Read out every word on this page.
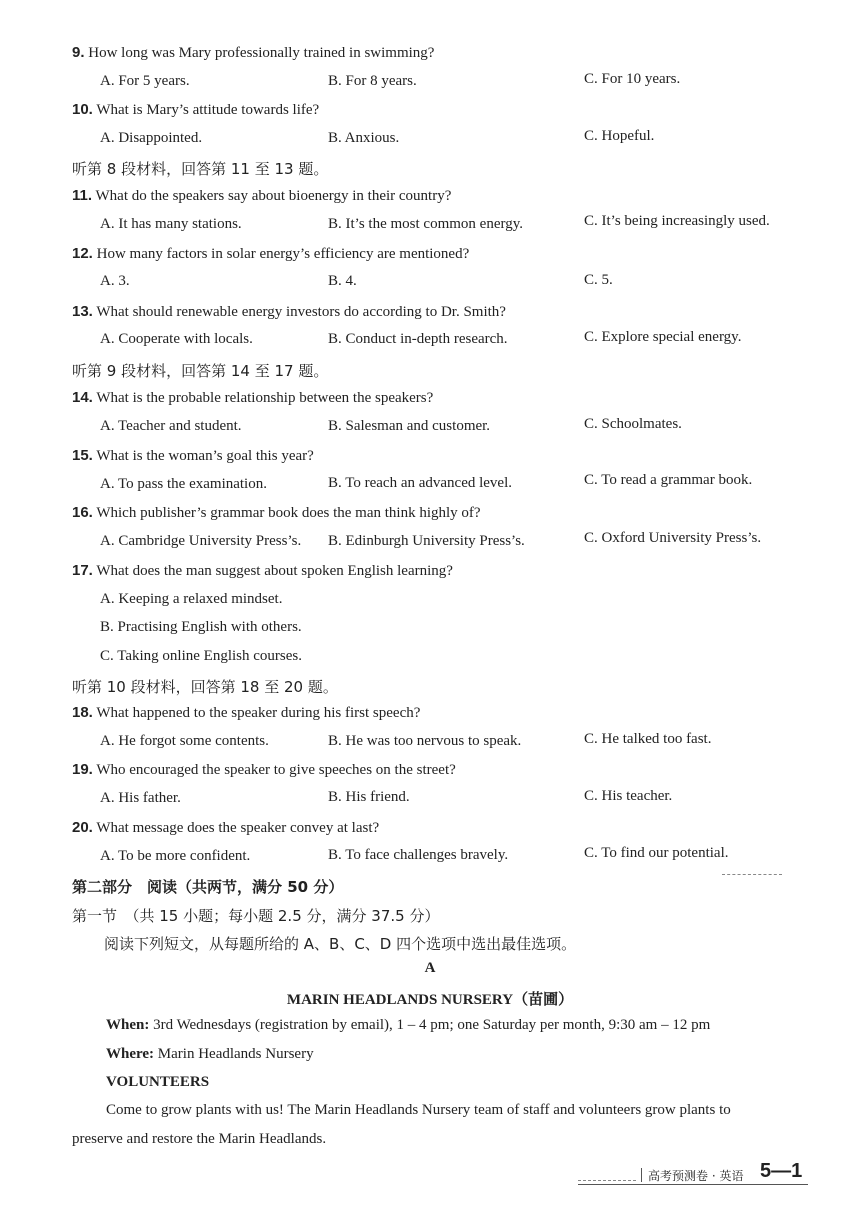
9. How long was Mary professionally trained in swimming?
A. For 5 years.	B. For 8 years.	C. For 10 years.
10. What is Mary’s attitude towards life?
A. Disappointed.	B. Anxious.	C. Hopeful.
听第 8 段材料，回答第 11 至 13 题。
11. What do the speakers say about bioenergy in their country?
A. It has many stations.	B. It’s the most common energy.	C. It’s being increasingly used.
12. How many factors in solar energy’s efficiency are mentioned?
A. 3.	B. 4.	C. 5.
13. What should renewable energy investors do according to Dr. Smith?
A. Cooperate with locals.	B. Conduct in-depth research.	C. Explore special energy.
听第 9 段材料，回答第 14 至 17 题。
14. What is the probable relationship between the speakers?
A. Teacher and student.	B. Salesman and customer.	C. Schoolmates.
15. What is the woman’s goal this year?
A. To pass the examination.	B. To reach an advanced level.	C. To read a grammar book.
16. Which publisher’s grammar book does the man think highly of?
A. Cambridge University Press’s. B. Edinburgh University Press’s.	C. Oxford University Press’s.
17. What does the man suggest about spoken English learning?
A. Keeping a relaxed mindset.
B. Practising English with others.
C. Taking online English courses.
听第 10 段材料，回答第 18 至 20 题。
18. What happened to the speaker during his first speech?
A. He forgot some contents.	B. He was too nervous to speak.	C. He talked too fast.
19. Who encouraged the speaker to give speeches on the street?
A. His father.	B. His friend.	C. His teacher.
20. What message does the speaker convey at last?
A. To be more confident.	B. To face challenges bravely.	C. To find our potential.
第二部分　阅读（共两节，满分 50 分）
第一节　（共 15 小题；每小题 2.5 分，满分 37.5 分）
阅读下列短文，从每题所给的 A、B、C、D 四个选项中选出最佳选项。
A
MARIN HEADLANDS NURSERY（苗圃）
When: 3rd Wednesdays (registration by email), 1 – 4 pm; one Saturday per month, 9:30 am – 12 pm
Where: Marin Headlands Nursery
VOLUNTEERS
Come to grow plants with us! The Marin Headlands Nursery team of staff and volunteers grow plants to
preserve and restore the Marin Headlands.
高考预测卷 · 英语 5—1
